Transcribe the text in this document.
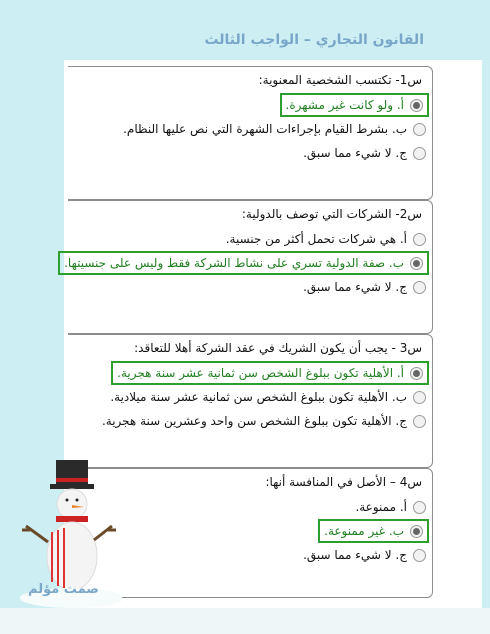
القانون التجاري – الواجب الثالث
س1- تكتسب الشخصية المعنوية:
أ. ولو كانت غير مشهرة.
ب. بشرط القيام بإجراءات الشهرة التي نص عليها النظام.
ج. لا شيء مما سبق.
س2- الشركات التي توصف بالدولية:
أ. هي شركات تحمل أكثر من جنسية.
ب. صفة الدولية تسري على نشاط الشركة فقط وليس على جنسيتها.
ج. لا شيء مما سبق.
س3 - يجب أن يكون الشريك في عقد الشركة أهلا للتعاقد:
أ. الأهلية تكون ببلوغ الشخص سن ثمانية عشر سنة هجرية.
ب. الأهلية تكون ببلوغ الشخص سن ثمانية عشر سنة ميلادية.
ج. الأهلية تكون ببلوغ الشخص سن واحد وعشرين سنة هجرية.
س4 – الأصل في المنافسة أنها:
أ. ممنوعة.
ب. غير ممنوعة.
ج. لا شيء مما سبق.
صمت مؤلم
